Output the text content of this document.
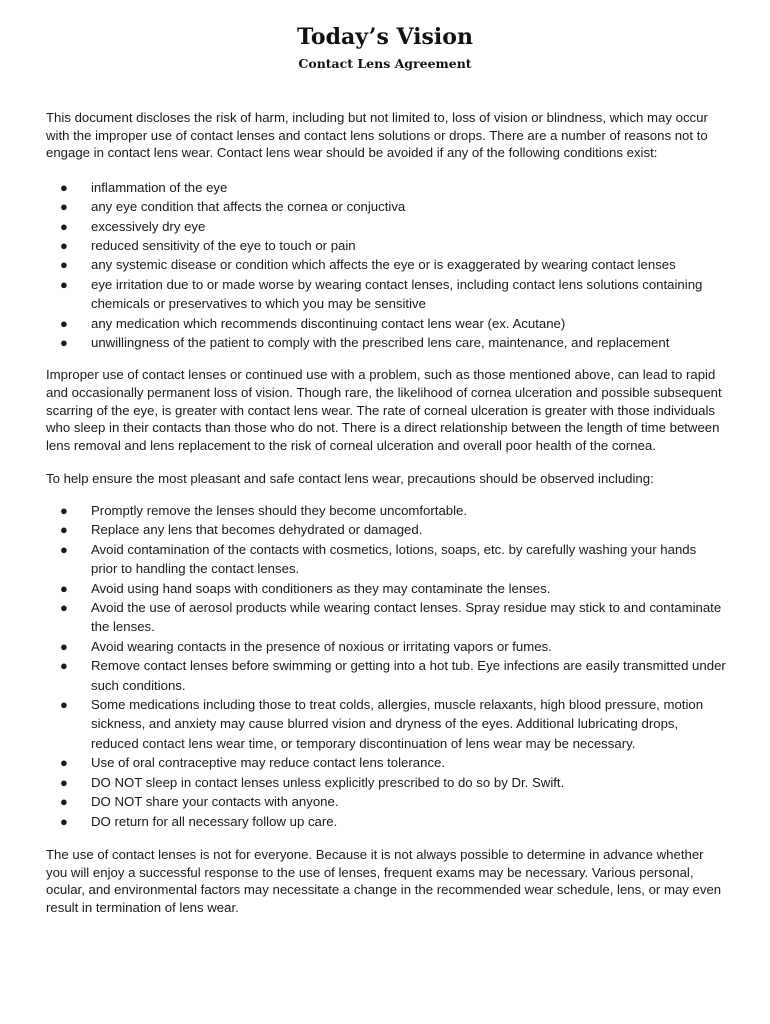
Today’s Vision
Contact Lens Agreement

This document discloses the risk of harm, including but not limited to, loss of vision or blindness, which may occur with the improper use of contact lenses and contact lens solutions or drops. There are a number of reasons not to engage in contact lens wear. Contact lens wear should be avoided if any of the following conditions exist:

● inflammation of the eye
● any eye condition that affects the cornea or conjuctiva
● excessively dry eye
● reduced sensitivity of the eye to touch or pain
● any systemic disease or condition which affects the eye or is exaggerated by wearing contact lenses
● eye irritation due to or made worse by wearing contact lenses, including contact lens solutions containing chemicals or preservatives to which you may be sensitive
● any medication which recommends discontinuing contact lens wear (ex. Acutane)
● unwillingness of the patient to comply with the prescribed lens care, maintenance, and replacement

Improper use of contact lenses or continued use with a problem, such as those mentioned above, can lead to rapid and occasionally permanent loss of vision. Though rare, the likelihood of cornea ulceration and possible subsequent scarring of the eye, is greater with contact lens wear. The rate of corneal ulceration is greater with those individuals who sleep in their contacts than those who do not. There is a direct relationship between the length of time between lens removal and lens replacement to the risk of corneal ulceration and overall poor health of the cornea.

To help ensure the most pleasant and safe contact lens wear, precautions should be observed including:

● Promptly remove the lenses should they become uncomfortable.
● Replace any lens that becomes dehydrated or damaged.
● Avoid contamination of the contacts with cosmetics, lotions, soaps, etc. by carefully washing your hands prior to handling the contact lenses.
● Avoid using hand soaps with conditioners as they may contaminate the lenses.
● Avoid the use of aerosol products while wearing contact lenses. Spray residue may stick to and contaminate the lenses.
● Avoid wearing contacts in the presence of noxious or irritating vapors or fumes.
● Remove contact lenses before swimming or getting into a hot tub. Eye infections are easily transmitted under such conditions.
● Some medications including those to treat colds, allergies, muscle relaxants, high blood pressure, motion sickness, and anxiety may cause blurred vision and dryness of the eyes. Additional lubricating drops, reduced contact lens wear time, or temporary discontinuation of lens wear may be necessary.
● Use of oral contraceptive may reduce contact lens tolerance.
● DO NOT sleep in contact lenses unless explicitly prescribed to do so by Dr. Swift.
● DO NOT share your contacts with anyone.
● DO return for all necessary follow up care.

The use of contact lenses is not for everyone. Because it is not always possible to determine in advance whether you will enjoy a successful response to the use of lenses, frequent exams may be necessary. Various personal, ocular, and environmental factors may necessitate a change in the recommended wear schedule, lens, or may even result in termination of lens wear.
